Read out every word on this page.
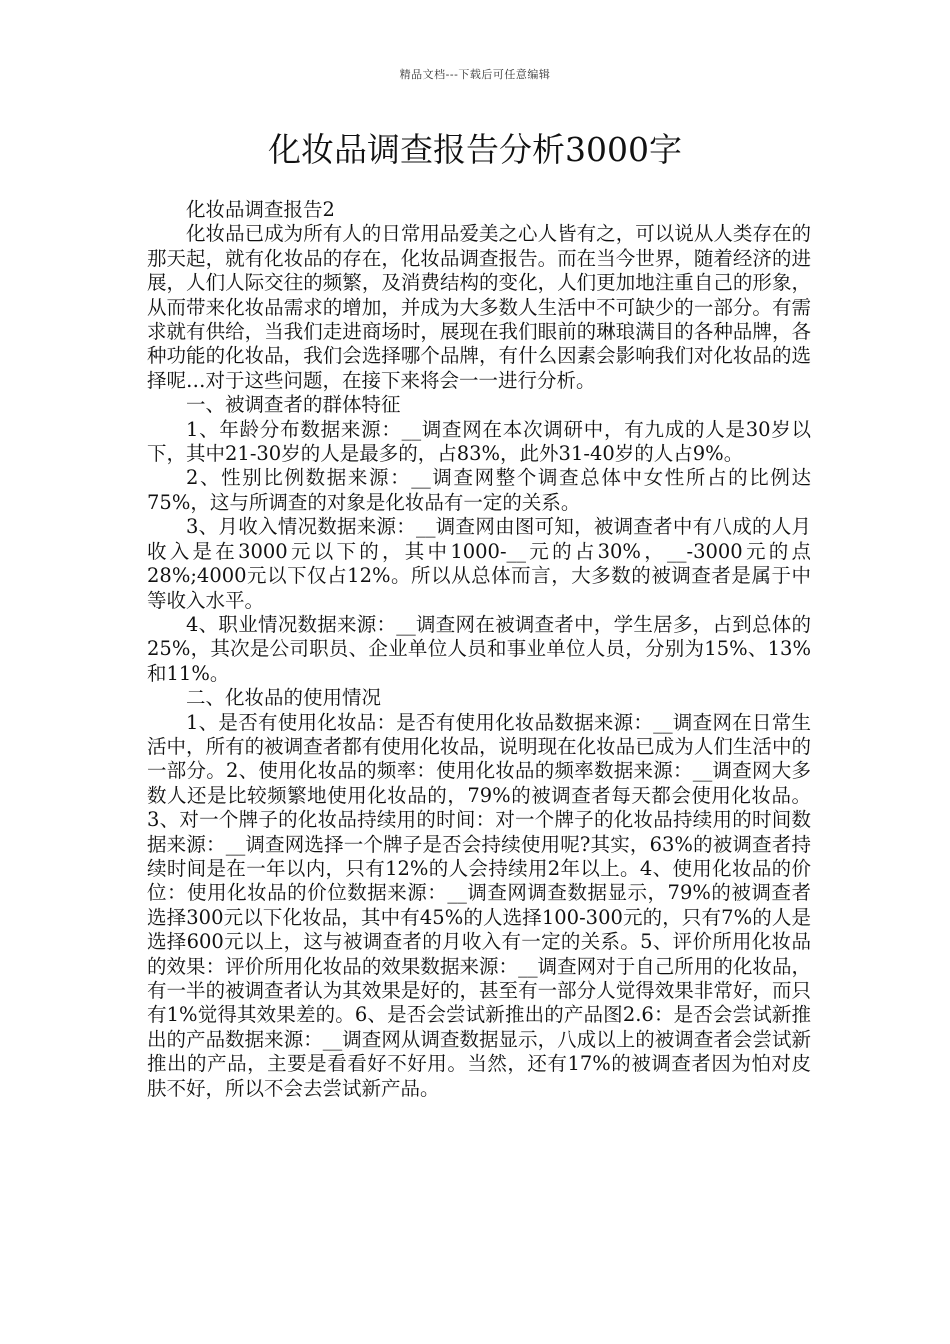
精品文档---下载后可任意编辑
化妆品调查报告分析3000字

化妆品调查报告2

化妆品已成为所有人的日常用品爱美之心人皆有之，可以说从人类存在的那天起，就有化妆品的存在，化妆品调查报告。而在当今世界，随着经济的进展，人们人际交往的频繁，及消费结构的变化，人们更加地注重自己的形象，从而带来化妆品需求的增加，并成为大多数人生活中不可缺少的一部分。有需求就有供给，当我们走进商场时，展现在我们眼前的琳琅满目的各种品牌，各种功能的化妆品，我们会选择哪个品牌，有什么因素会影响我们对化妆品的选择呢…对于这些问题，在接下来将会一一进行分析。

一、被调查者的群体特征

1、年龄分布数据来源：__调查网在本次调研中，有九成的人是30岁以下，其中21-30岁的人是最多的，占83%，此外31-40岁的人占9%。

2、性别比例数据来源：__调查网整个调查总体中女性所占的比例达75%，这与所调查的对象是化妆品有一定的关系。

3、月收入情况数据来源：__调查网由图可知，被调查者中有八成的人月收入是在3000元以下的，其中1000-__元的占30%，__-3000元的点28%;4000元以下仅占12%。所以从总体而言，大多数的被调查者是属于中等收入水平。

4、职业情况数据来源：__调查网在被调查者中，学生居多，占到总体的25%，其次是公司职员、企业单位人员和事业单位人员，分别为15%、13%和11%。

二、化妆品的使用情况

1、是否有使用化妆品：是否有使用化妆品数据来源：__调查网在日常生活中，所有的被调查者都有使用化妆品，说明现在化妆品已成为人们生活中的一部分。2、使用化妆品的频率：使用化妆品的频率数据来源：__调查网大多数人还是比较频繁地使用化妆品的，79%的被调查者每天都会使用化妆品。3、对一个牌子的化妆品持续用的时间：对一个牌子的化妆品持续用的时间数据来源：__调查网选择一个牌子是否会持续使用呢?其实，63%的被调查者持续时间是在一年以内，只有12%的人会持续用2年以上。4、使用化妆品的价位：使用化妆品的价位数据来源：__调查网调查数据显示，79%的被调查者选择300元以下化妆品，其中有45%的人选择100-300元的，只有7%的人是选择600元以上，这与被调查者的月收入有一定的关系。5、评价所用化妆品的效果：评价所用化妆品的效果数据来源：__调查网对于自己所用的化妆品，有一半的被调查者认为其效果是好的，甚至有一部分人觉得效果非常好，而只有1%觉得其效果差的。6、是否会尝试新推出的产品图2.6：是否会尝试新推出的产品数据来源：__调查网从调查数据显示，八成以上的被调查者会尝试新推出的产品，主要是看看好不好用。当然，还有17%的被调查者因为怕对皮肤不好，所以不会去尝试新产品。
